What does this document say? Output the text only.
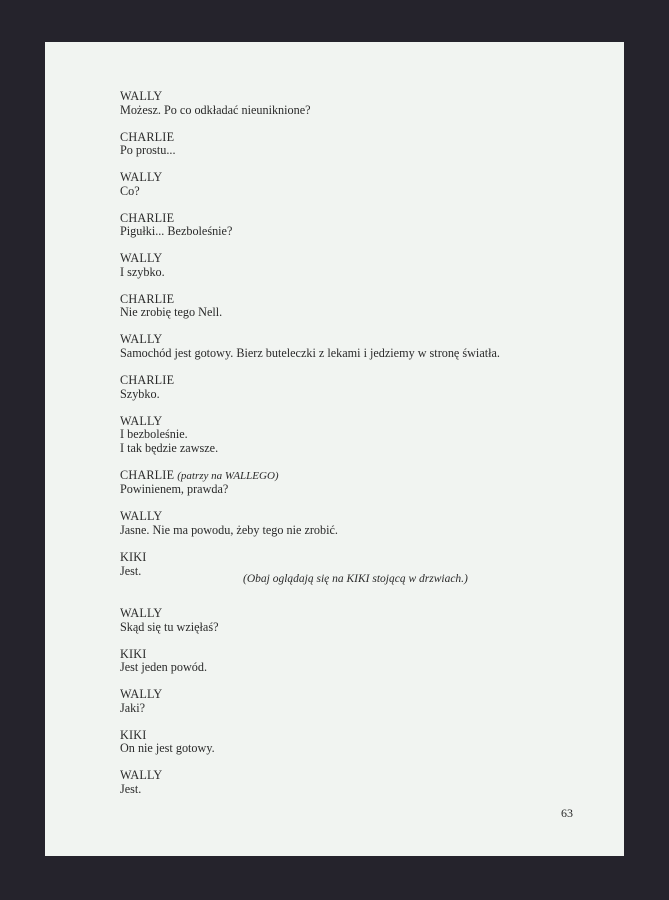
WALLY
Możesz. Po co odkładać nieuniknione?
CHARLIE
Po prostu...
WALLY
Co?
CHARLIE
Pigułki... Bezboleśnie?
WALLY
I szybko.
CHARLIE
Nie zrobię tego Nell.
WALLY
Samochód jest gotowy. Bierz buteleczki z lekami i jedziemy w stronę światła.
CHARLIE
Szybko.
WALLY
I bezboleśnie.
I tak będzie zawsze.
CHARLIE (patrzy na WALLEGO)
Powinienem, prawda?
WALLY
Jasne. Nie ma powodu, żeby tego nie zrobić.
KIKI
Jest.
WALLY
Skąd się tu wzięłaś?
KIKI
Jest jeden powód.
WALLY
Jaki?
KIKI
On nie jest gotowy.
WALLY
Jest.
(Obaj oglądają się na KIKI stojącą w drzwiach.)
63
